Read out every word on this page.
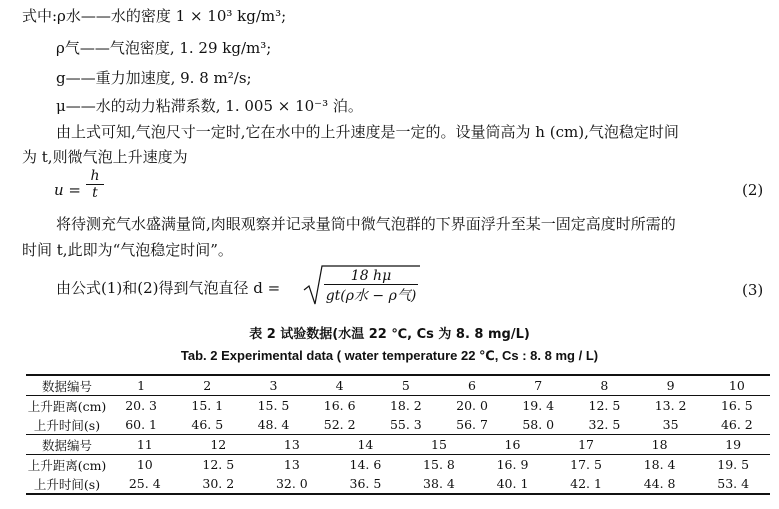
式中:ρ水——水的密度 1 × 10³ kg/m³;
ρ气——气泡密度, 1. 29 kg/m³;
g——重力加速度, 9. 8 m²/s;
μ——水的动力粘滞系数, 1. 005 × 10⁻³ 泊。
由上式可知,气泡尺寸一定时,它在水中的上升速度是一定的。设量筒高为 h (cm),气泡稳定时间
为 t,则微气泡上升速度为
$u = \frac{h}{t}$	(2)
将待测充气水盛满量筒,肉眼观察并记录量筒中微气泡群的下界面浮升至某一固定高度时所需的
时间 t,此即为“气泡稳定时间”。
由公式(1)和(2)得到气泡直径 d =
18 hμ
gt(ρ水 − ρ气)	(3)
表 2 试验数据(水温 22 ℃, Cs 为 8. 8 mg/L)
Tab. 2 Experimental data ( water temperature 22 ℃, Cs : 8. 8 mg / L)
数据编号	1	2	3	4	5	6	7	8	9	10
上升距离(cm)	20. 3	15. 1	15. 5	16. 6	18. 2	20. 0	19. 4	12. 5	13. 2	16. 5
上升时间(s)	60. 1	46. 5	48. 4	52. 2	55. 3	56. 7	58. 0	32. 5	35	46. 2
数据编号	11	12	13	14	15	16	17	18	19
上升距离(cm)	10	12. 5	13	14. 6	15. 8	16. 9	17. 5	18. 4	19. 5
上升时间(s)	25. 4	30. 2	32. 0	36. 5	38. 4	40. 1	42. 1	44. 8	53. 4
